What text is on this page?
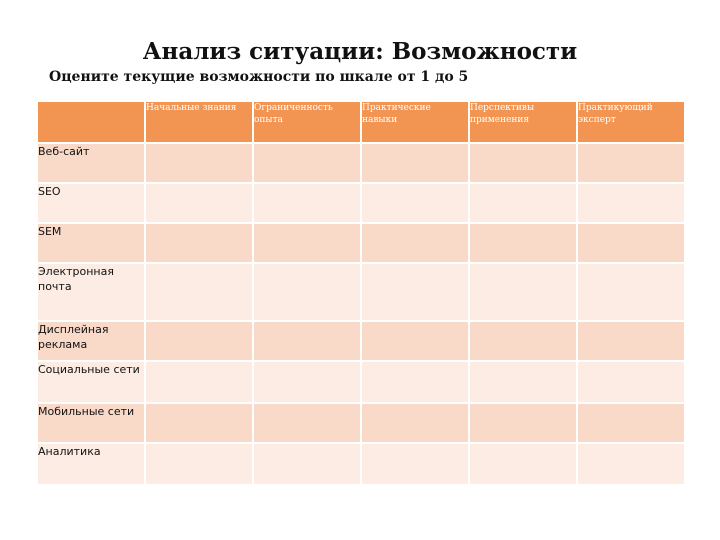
Анализ ситуации: Возможности
Оцените текущие возможности по шкале от 1 до 5
	Начальные знания	Ограниченность опыта	Практические навыки	Перспективы применения	Практикующий эксперт
Веб-сайт					
SEO					
SEM					
Электронная почта					
Дисплейная реклама					
Социальные сети					
Мобильные сети					
Аналитика					
